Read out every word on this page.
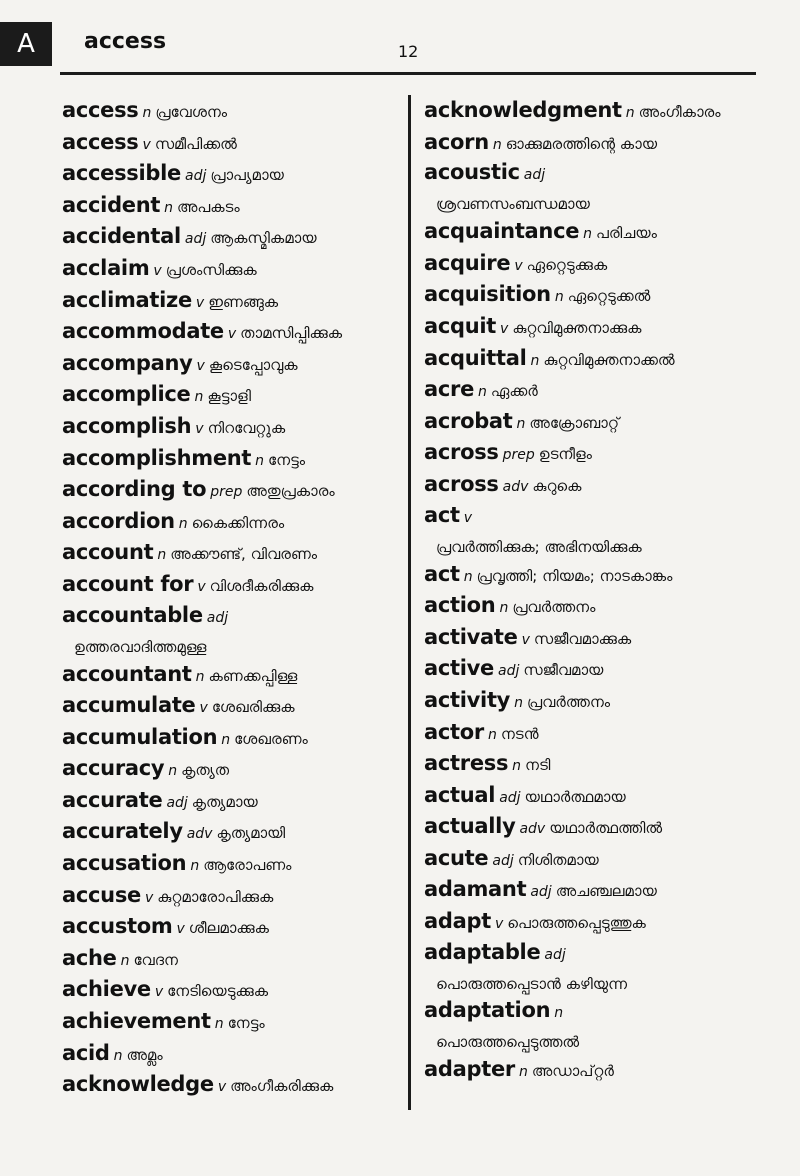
A	access	12
access n പ്രവേശനം
access v സമീപിക്കൽ
accessible adj പ്രാപ്യമായ
accident n അപകടം
accidental adj ആകസ്മികമായ
acclaim v പ്രശംസിക്കുക
acclimatize v ഇണങ്ങുക
accommodate v താമസിപ്പിക്കുക
accompany v കൂടെപ്പോവുക
accomplice n കൂട്ടാളി
accomplish v നിറവേറ്റുക
accomplishment n നേട്ടം
according to prep അതുപ്രകാരം
accordion n കൈക്കിന്നരം
account n അക്കൗണ്ട്, വിവരണം
account for v വിശദീകരിക്കുക
accountable adj
ഉത്തരവാദിത്തമുള്ള
accountant n കണക്കപ്പിള്ള
accumulate v ശേഖരിക്കുക
accumulation n ശേഖരണം
accuracy n കൃത്യത
accurate adj കൃത്യമായ
accurately adv കൃത്യമായി
accusation n ആരോപണം
accuse v കുറ്റമാരോപിക്കുക
accustom v ശീലമാക്കുക
ache n വേദന
achieve v നേടിയെടുക്കുക
achievement n നേട്ടം
acid n അമ്ലം
acknowledge v അംഗീകരിക്കുക
acknowledgment n അംഗീകാരം
acorn n ഓക്കുമരത്തിന്റെ കായ
acoustic adj
ശ്രവണസംബന്ധമായ
acquaintance n പരിചയം
acquire v ഏറ്റെടുക്കുക
acquisition n ഏറ്റെടുക്കൽ
acquit v കുറ്റവിമുക്തനാക്കുക
acquittal n കുറ്റവിമുക്തനാക്കൽ
acre n ഏക്കർ
acrobat n അക്രോബാറ്റ്
across prep ഉടനീളം
across adv കുറുകെ
act v
പ്രവർത്തിക്കുക; അഭിനയിക്കുക
act n പ്രവൃത്തി; നിയമം; നാടകാങ്കം
action n പ്രവർത്തനം
activate v സജീവമാക്കുക
active adj സജീവമായ
activity n പ്രവർത്തനം
actor n നടൻ
actress n നടി
actual adj യഥാർത്ഥമായ
actually adv യഥാർത്ഥത്തിൽ
acute adj നിശിതമായ
adamant adj അചഞ്ചലമായ
adapt v പൊരുത്തപ്പെടുത്തുക
adaptable adj
പൊരുത്തപ്പെടാൻ കഴിയുന്ന
adaptation n
പൊരുത്തപ്പെടുത്തൽ
adapter n അഡാപ്റ്റർ
